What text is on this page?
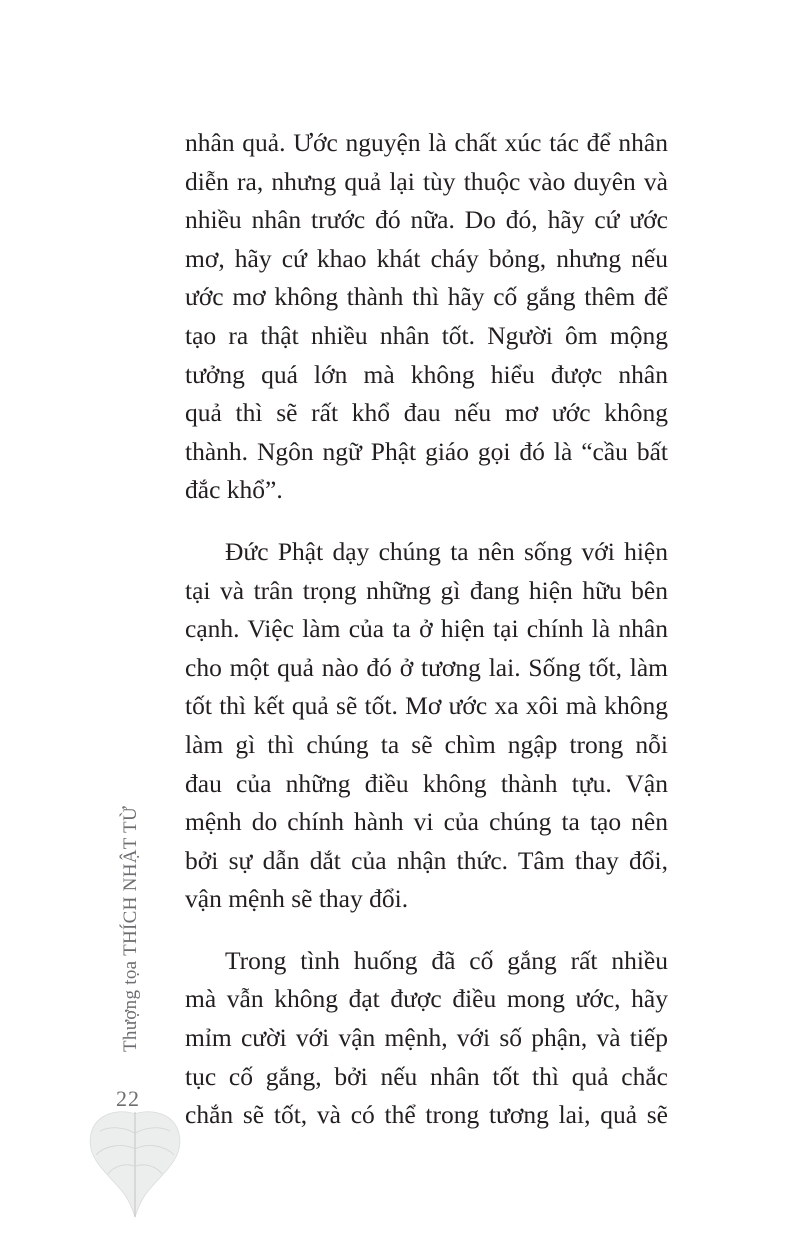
nhân quả. Ước nguyện là chất xúc tác để nhân
diễn ra, nhưng quả lại tùy thuộc vào duyên và
nhiều nhân trước đó nữa. Do đó, hãy cứ ước
mơ, hãy cứ khao khát cháy bỏng, nhưng nếu
ước mơ không thành thì hãy cố gắng thêm để
tạo ra thật nhiều nhân tốt. Người ôm mộng
tưởng quá lớn mà không hiểu được nhân
quả thì sẽ rất khổ đau nếu mơ ước không
thành. Ngôn ngữ Phật giáo gọi đó là “cầu bất
đắc khổ”.
Đức Phật dạy chúng ta nên sống với hiện
tại và trân trọng những gì đang hiện hữu bên
cạnh. Việc làm của ta ở hiện tại chính là nhân
cho một quả nào đó ở tương lai. Sống tốt, làm
tốt thì kết quả sẽ tốt. Mơ ước xa xôi mà không
làm gì thì chúng ta sẽ chìm ngập trong nỗi
đau của những điều không thành tựu. Vận
mệnh do chính hành vi của chúng ta tạo nên
bởi sự dẫn dắt của nhận thức. Tâm thay đổi,
vận mệnh sẽ thay đổi.
Trong tình huống đã cố gắng rất nhiều
mà vẫn không đạt được điều mong ước, hãy
mỉm cười với vận mệnh, với số phận, và tiếp
tục cố gắng, bởi nếu nhân tốt thì quả chắc
chắn sẽ tốt, và có thể trong tương lai, quả sẽ
Thượng tọa THÍCH NHẬT TỪ
22
